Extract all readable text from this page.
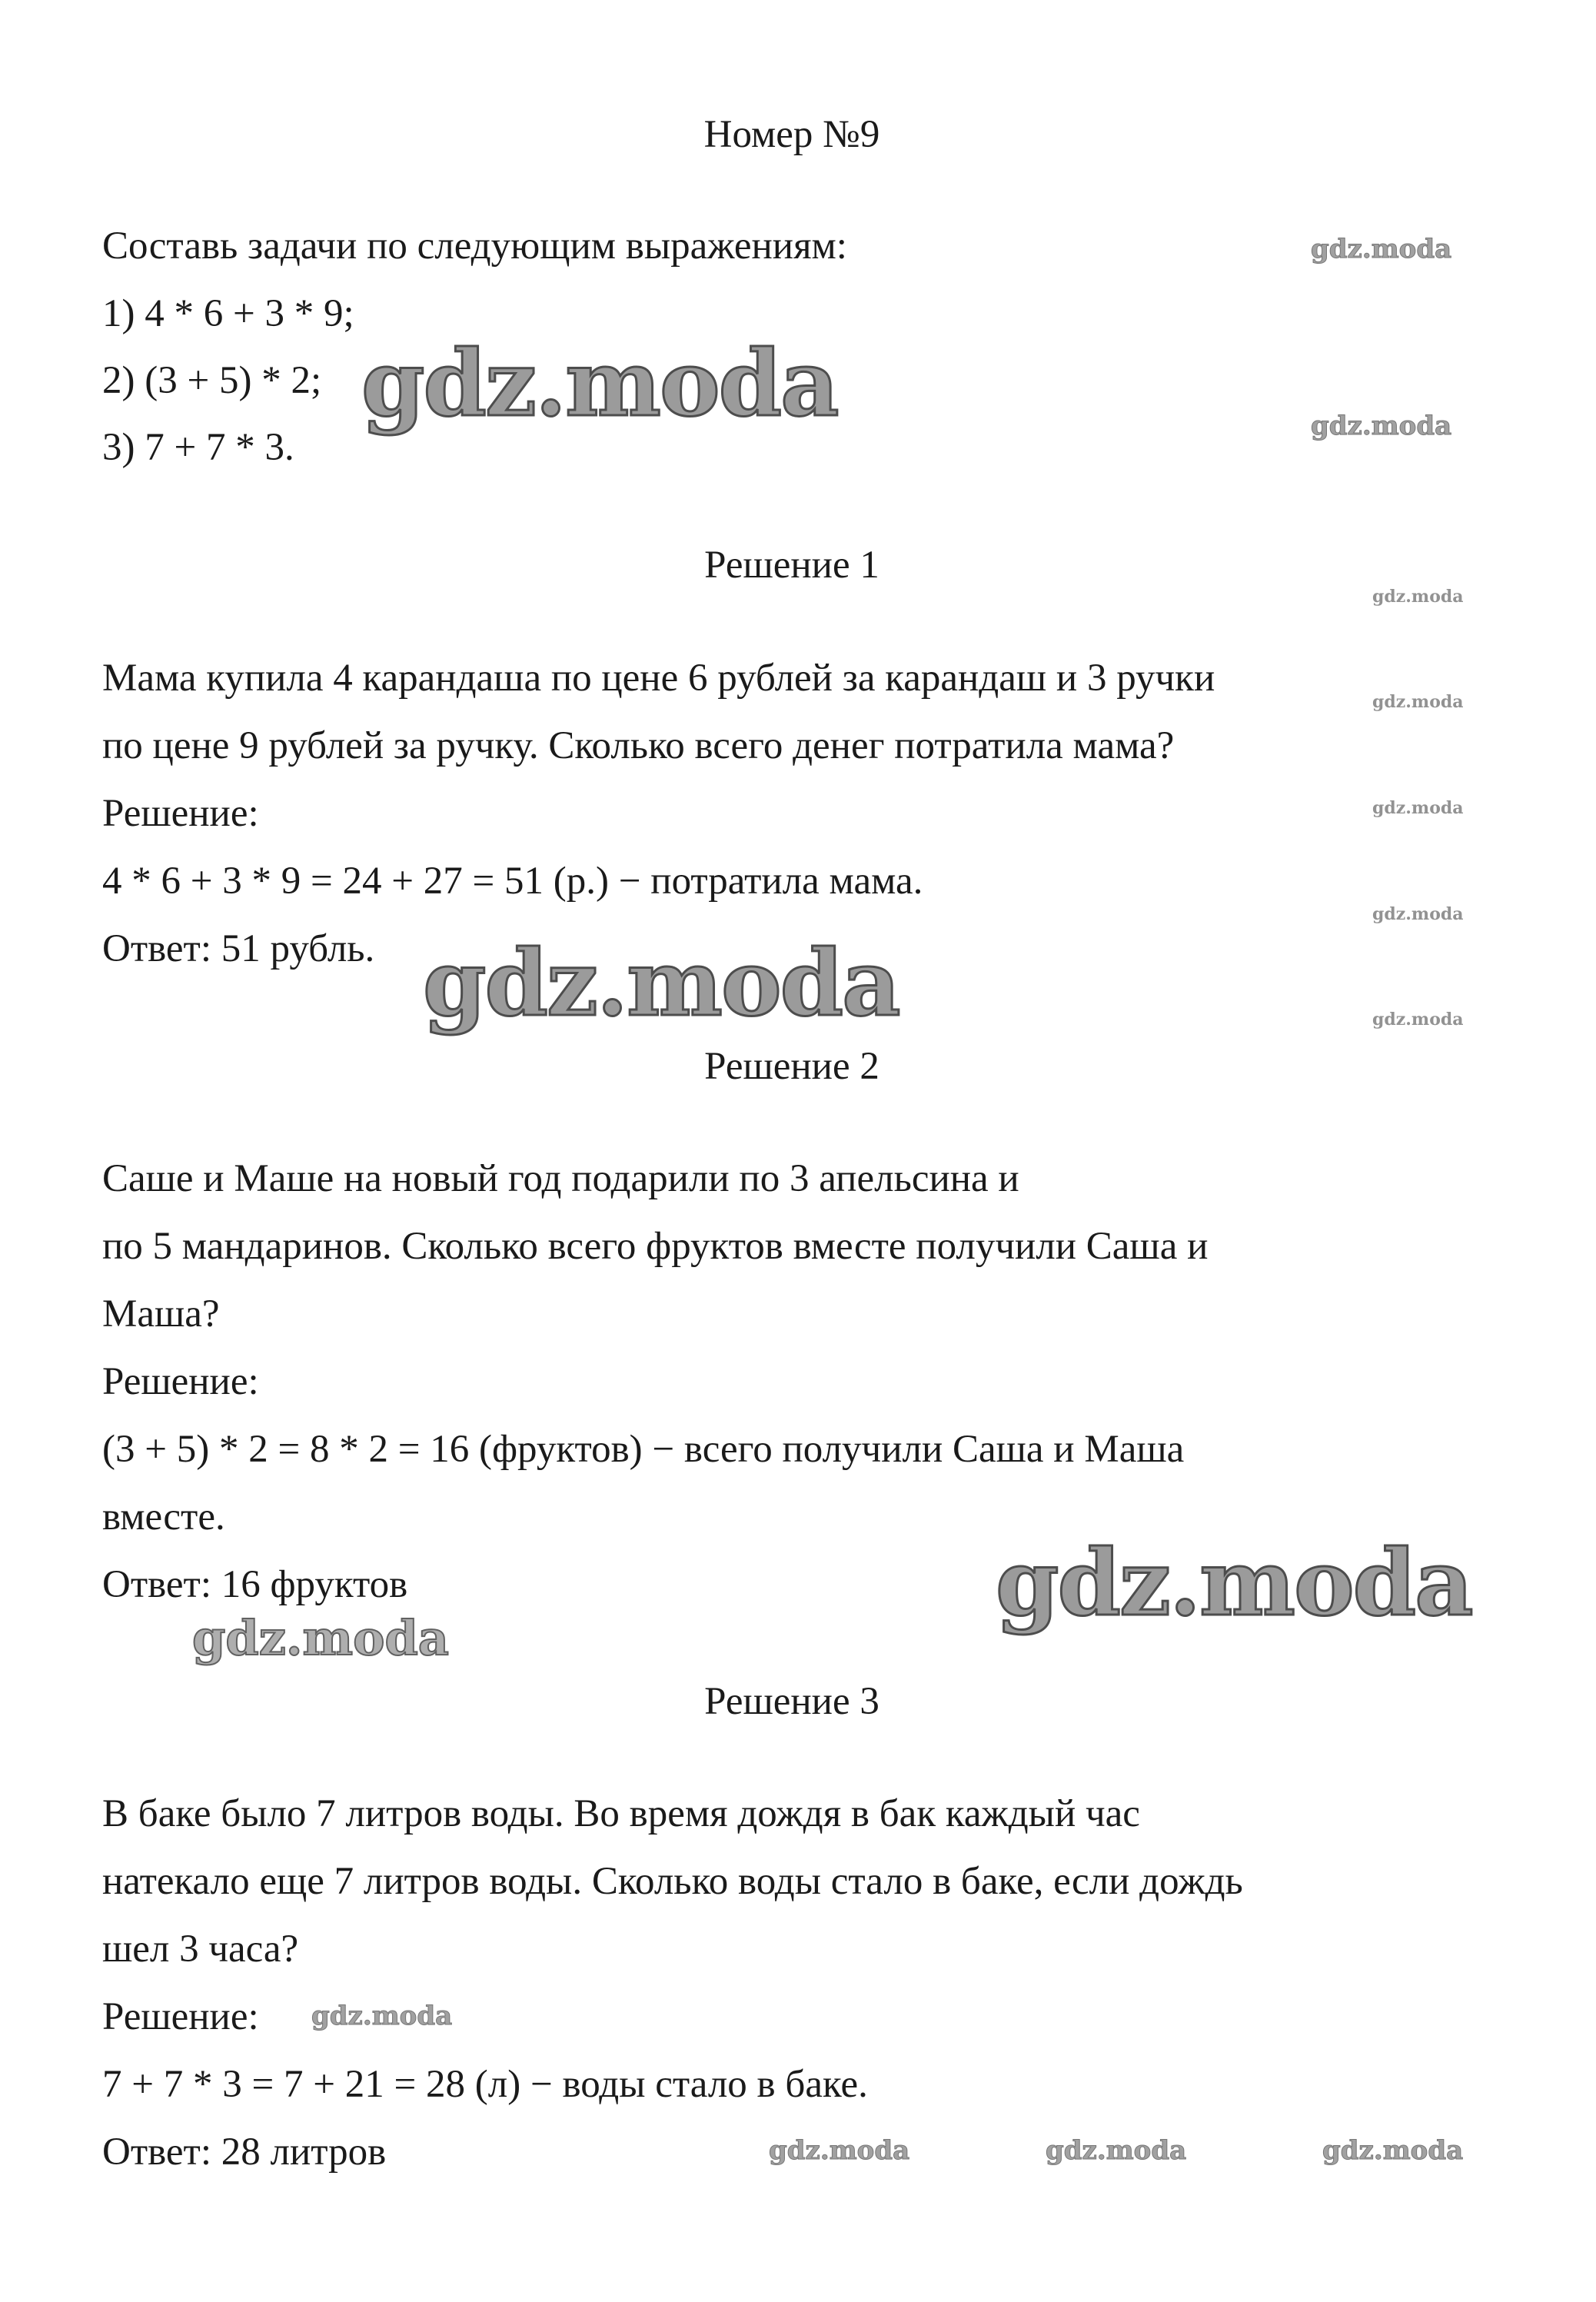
Номер №9
Составь задачи по следующим выражениям:
1) 4 * 6 + 3 * 9;
2) (3 + 5) * 2;
3) 7 + 7 * 3.
Решение 1
Мама купила 4 карандаша по цене 6 рублей за карандаш и 3 ручки
по цене 9 рублей за ручку. Сколько всего денег потратила мама?
Решение:
4 * 6 + 3 * 9 = 24 + 27 = 51 (р.) − потратила мама.
Ответ: 51 рубль.
Решение 2
Саше и Маше на новый год подарили по 3 апельсина и
по 5 мандаринов. Сколько всего фруктов вместе получили Саша и
Маша?
Решение:
(3 + 5) * 2 = 8 * 2 = 16 (фруктов) − всего получили Саша и Маша
вместе.
Ответ: 16 фруктов
Решение 3
В баке было 7 литров воды. Во время дождя в бак каждый час
натекало еще 7 литров воды. Сколько воды стало в баке, если дождь
шел 3 часа?
Решение:
7 + 7 * 3 = 7 + 21 = 28 (л) − воды стало в баке.
Ответ: 28 литров
gdz.moda
gdz.moda
gdz.moda
gdz.moda
gdz.moda
gdz.moda
gdz.moda
gdz.moda	gdz.moda	gdz.moda
gdz.moda
gdz.moda
gdz.moda
gdz.moda
gdz.moda
